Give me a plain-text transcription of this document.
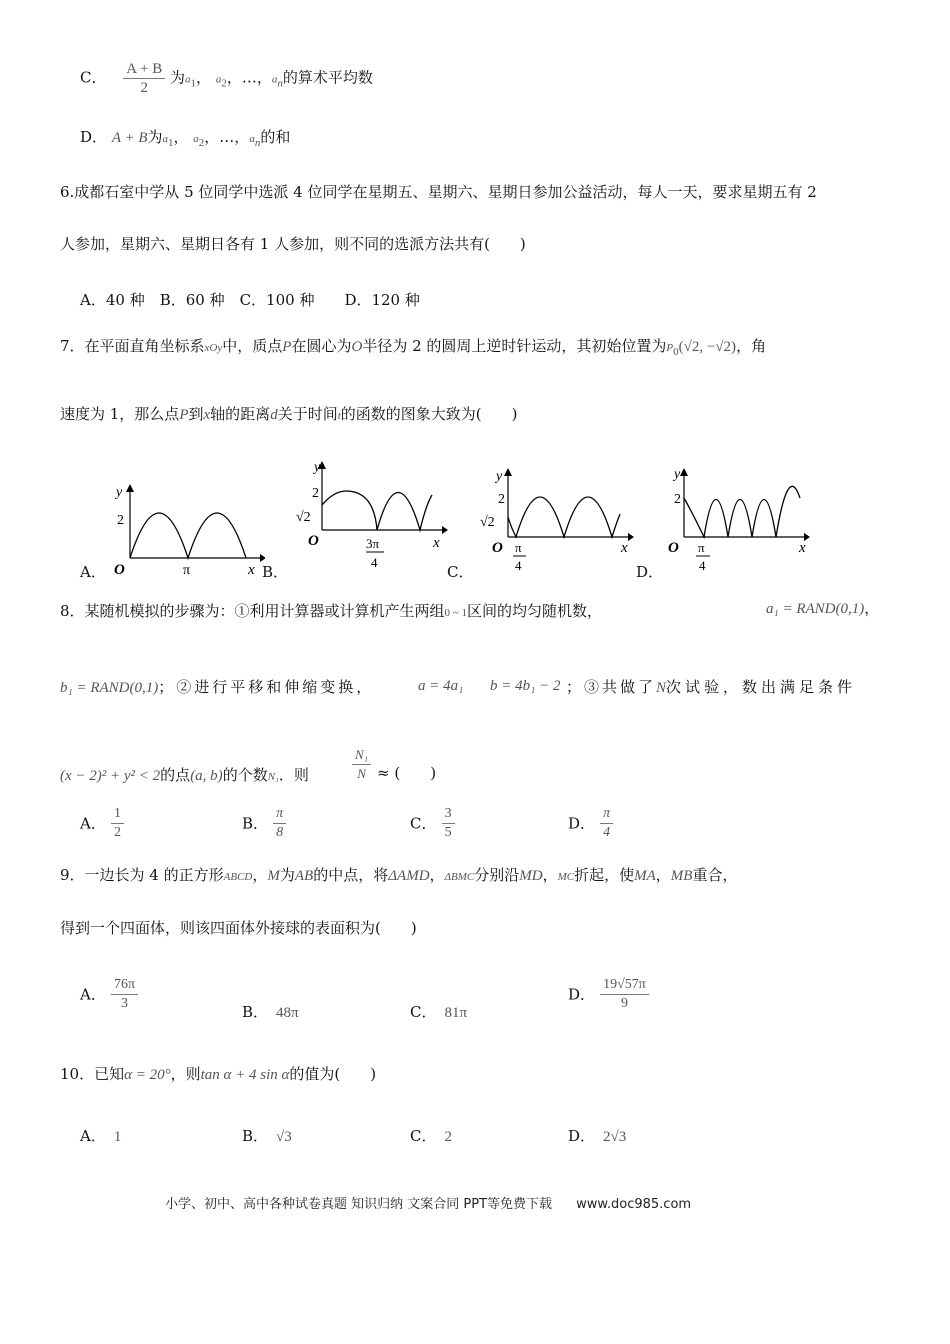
C． $\frac{A + B}{2}$ 为$a_1$， $a_2$，…，$a_n$的算术平均数
D． A + B为$a_1$， $a_2$，…，$a_n$的和
6.成都石室中学从 5 位同学中选派 4 位同学在星期五、星期六、星期日参加公益活动，每人一天，要求星期五有 2
人参加，星期六、星期日各有 1 人参加，则不同的选派方法共有(　　)
A．40 种　B．60 种　C．100 种　　D．120 种
7．在平面直角坐标系xOy中，质点P在圆心为O半径为 2 的圆周上逆时针运动，其初始位置为$P_0(√2$, −√2)，角
速度为 1，那么点P到x轴的距离d关于时间t的函数的图象大致为(　　)
A．
y
2
O	π	x B．
y
2
√2
O	3π
4
x
C．
y
2
√2
O π
4
x
D．
y
2
O π
4
x
8．某随机模拟的步骤为：①利用计算器或计算机产生两组0 ~ 1区间的均匀随机数，	a₁ = RAND(0,1)，
b₁ = RAND(0,1)；②进行平移和伸缩变换，	a = 4a₁ b = 4b₁ − 2 ；③共做了N次试验，数出满足条件
(x − 2)² + y² < 2的点(a, b)的个数N₁．则	$\frac{\text{N₁}}{N}$ ≈ (　　)
A． $\frac{1}{2}$	B． $\frac{\pi}{8}$	C． $\frac{3}{5}$	D． $\frac{\pi}{4}$
9．一边长为 4 的正方形ABCD，M为AB的中点，将ΔAMD，ΔBMC分别沿MD，MC折起，使MA，MB重合，
得到一个四面体，则该四面体外接球的表面积为(　　)
A． $\frac{76\pi}{3}$	B． 48π	C． 81π
D． $\frac{19√57\pi}{9}$
10．已知α = 20°，则tan α + 4 sin α的值为(　　)
A． 1	B． √3	C． 2	D． 2√3
小学、初中、高中各种试卷真题 知识归纳 文案合同 PPT等免费下载 www.doc985.com
